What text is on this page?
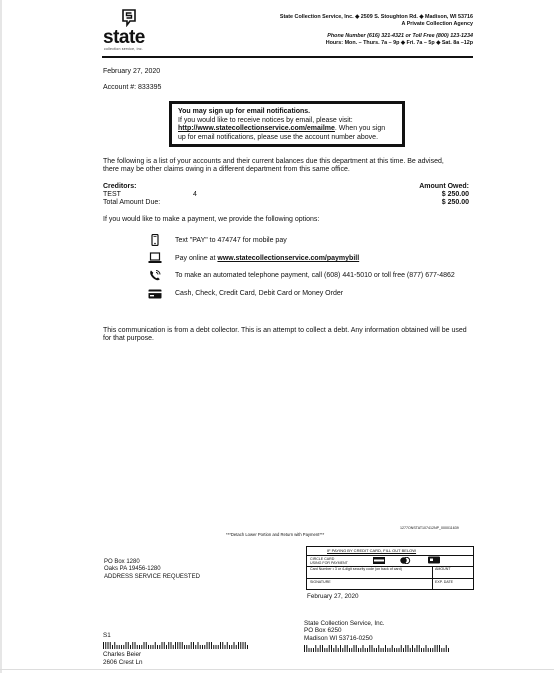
state
collection service, inc.
State Collection Service, Inc. ◆ 2509 S. Stoughton Rd. ◆ Madison, WI 53716
A Private Collection Agency
Phone Number (616) 321-4321 or Toll Free (800) 123-1234
Hours: Mon. – Thurs. 7a – 9p ◆ Fri. 7a – 5p ◆ Sat. 8a –12p
February 27, 2020
Account #: 833395
You may sign up for email notifications.
If you would like to receive notices by email, please visit:
http://www.statecollectionservice.com/emailme. When you sign
up for email notifications, please use the account number above.
The following is a list of your accounts and their current balances due this department at this time. Be advised,
there may be other claims owing in a different department from this same office.
Creditors:	Amount Owed:
TEST	4	$ 250.00
Total Amount Due:	$ 250.00
If you would like to make a payment, we provide the following options:
Text "PAY" to 474747 for mobile pay
Pay online at www.statecollectionservice.com/paymybill
To make an automated telephone payment, call (608) 441-5010 or toll free (877) 677-4862
Cash, Check, Credit Card, Debit Card or Money Order
This communication is from a debt collector. This is an attempt to collect a debt. Any information obtained will be used
for that purpose.
1277ONSTAT107412NP_000011639
***Detach Lower Portion and Return with Payment***
PO Box 1280
Oaks PA 19456-1280
ADDRESS SERVICE REQUESTED
IF PAYING BY CREDIT CARD, FILL OUT BELOW
CIRCLE CARD
USING FOR PAYMENT
Card Number • 3 or 4-digit security code (on back of card)	AMOUNT
SIGNATURE	EXP. DATE
February 27, 2020
State Collection Service, Inc.
PO Box 6250
Madison WI 53716-0250
S1
Charles Beier
2606 Crest Ln
